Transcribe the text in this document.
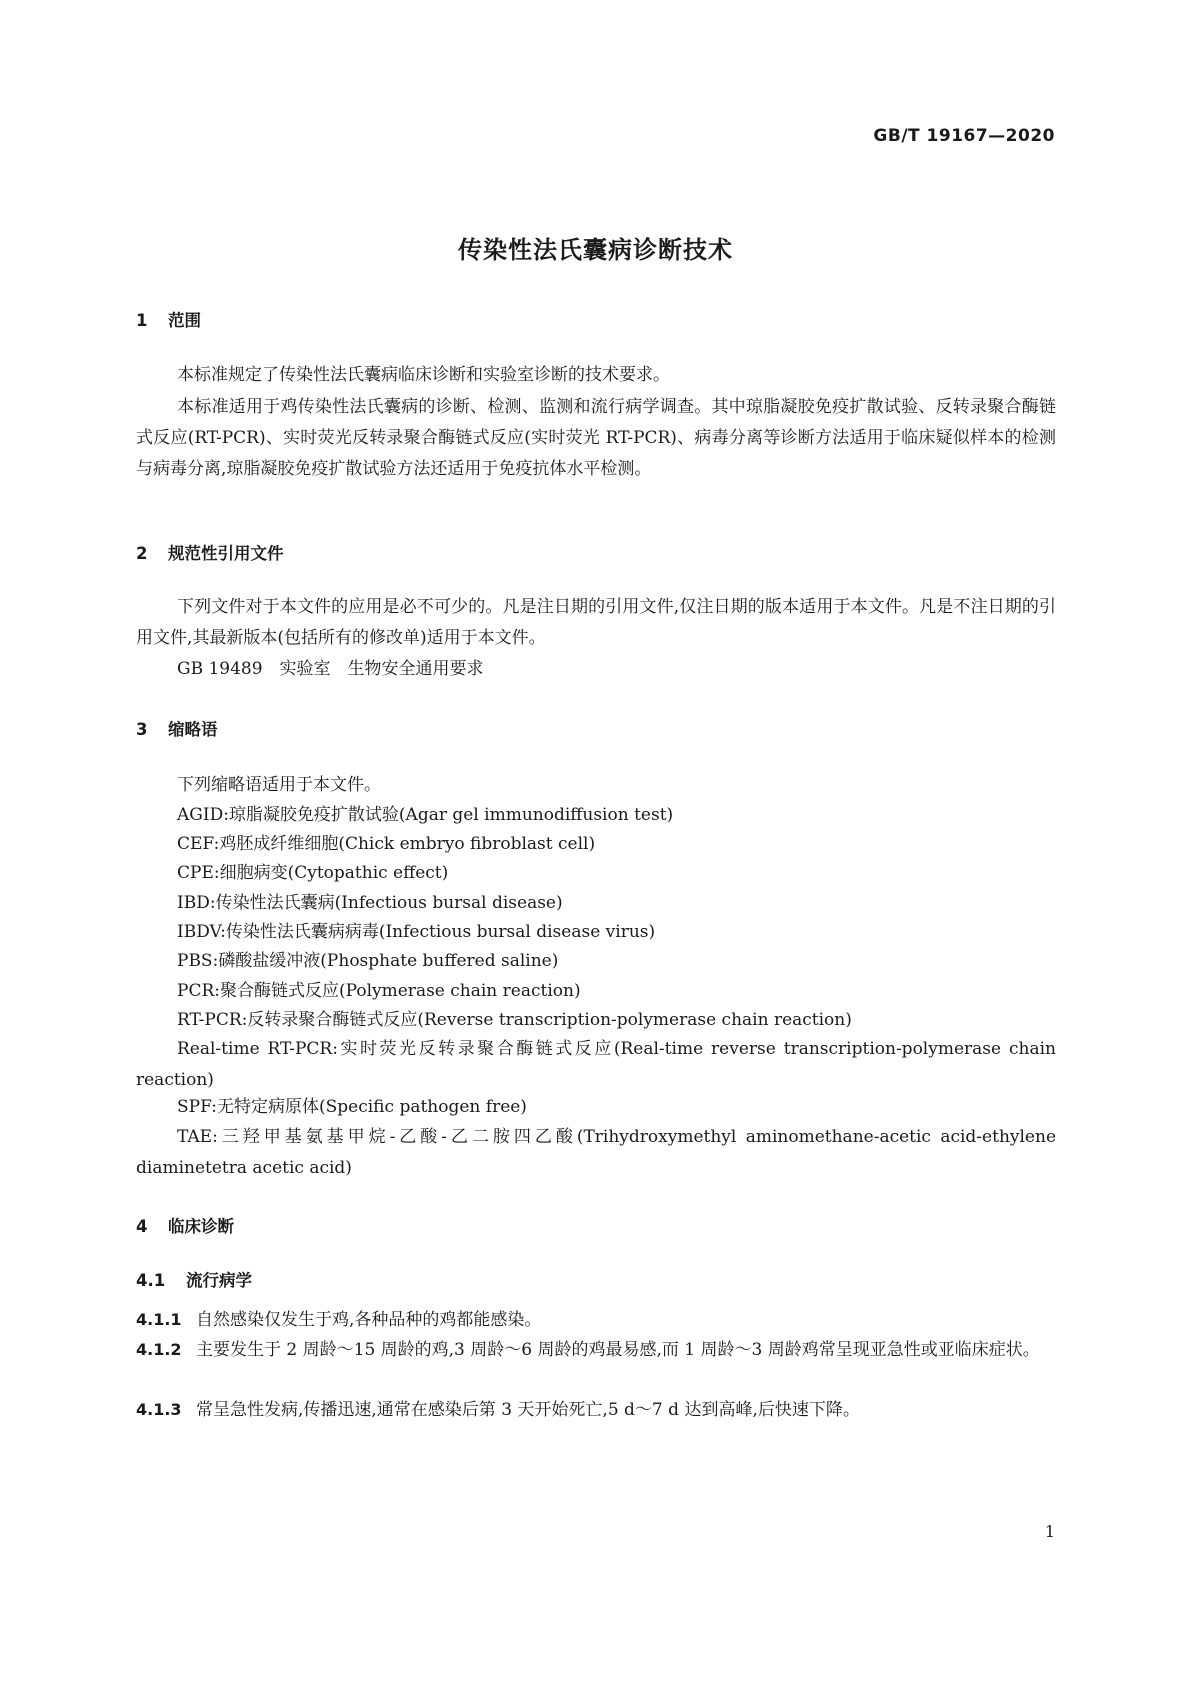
GB/T 19167—2020
传染性法氏囊病诊断技术
1 范围

本标准规定了传染性法氏囊病临床诊断和实验室诊断的技术要求。

本标准适用于鸡传染性法氏囊病的诊断、检测、监测和流行病学调查。其中琼脂凝胶免疫扩散试验、反转录聚合酶链式反应(RT-PCR)、实时荧光反转录聚合酶链式反应(实时荧光 RT-PCR)、病毒分离等诊断方法适用于临床疑似样本的检测与病毒分离,琼脂凝胶免疫扩散试验方法还适用于免疫抗体水平检测。

2 规范性引用文件

下列文件对于本文件的应用是必不可少的。凡是注日期的引用文件,仅注日期的版本适用于本文件。凡是不注日期的引用文件,其最新版本(包括所有的修改单)适用于本文件。

GB 19489　实验室　生物安全通用要求

3 缩略语

下列缩略语适用于本文件。

AGID:琼脂凝胶免疫扩散试验(Agar gel immunodiffusion test)

CEF:鸡胚成纤维细胞(Chick embryo fibroblast cell)

CPE:细胞病变(Cytopathic effect)

IBD:传染性法氏囊病(Infectious bursal disease)

IBDV:传染性法氏囊病病毒(Infectious bursal disease virus)

PBS:磷酸盐缓冲液(Phosphate buffered saline)

PCR:聚合酶链式反应(Polymerase chain reaction)

RT-PCR:反转录聚合酶链式反应(Reverse transcription-polymerase chain reaction)

Real-time RT-PCR:实时荧光反转录聚合酶链式反应(Real-time reverse transcription-polymerase chain reaction)

SPF:无特定病原体(Specific pathogen free)

TAE:三羟甲基氨基甲烷-乙酸-乙二胺四乙酸(Trihydroxymethyl aminomethane-acetic acid-ethylene diaminetetra acetic acid)

4 临床诊断
4.1 流行病学

4.1.1 自然感染仅发生于鸡,各种品种的鸡都能感染。

4.1.2 主要发生于 2 周龄～15 周龄的鸡,3 周龄～6 周龄的鸡最易感,而 1 周龄～3 周龄鸡常呈现亚急性或亚临床症状。

4.1.3 常呈急性发病,传播迅速,通常在感染后第 3 天开始死亡,5 d～7 d 达到高峰,后快速下降。

1
